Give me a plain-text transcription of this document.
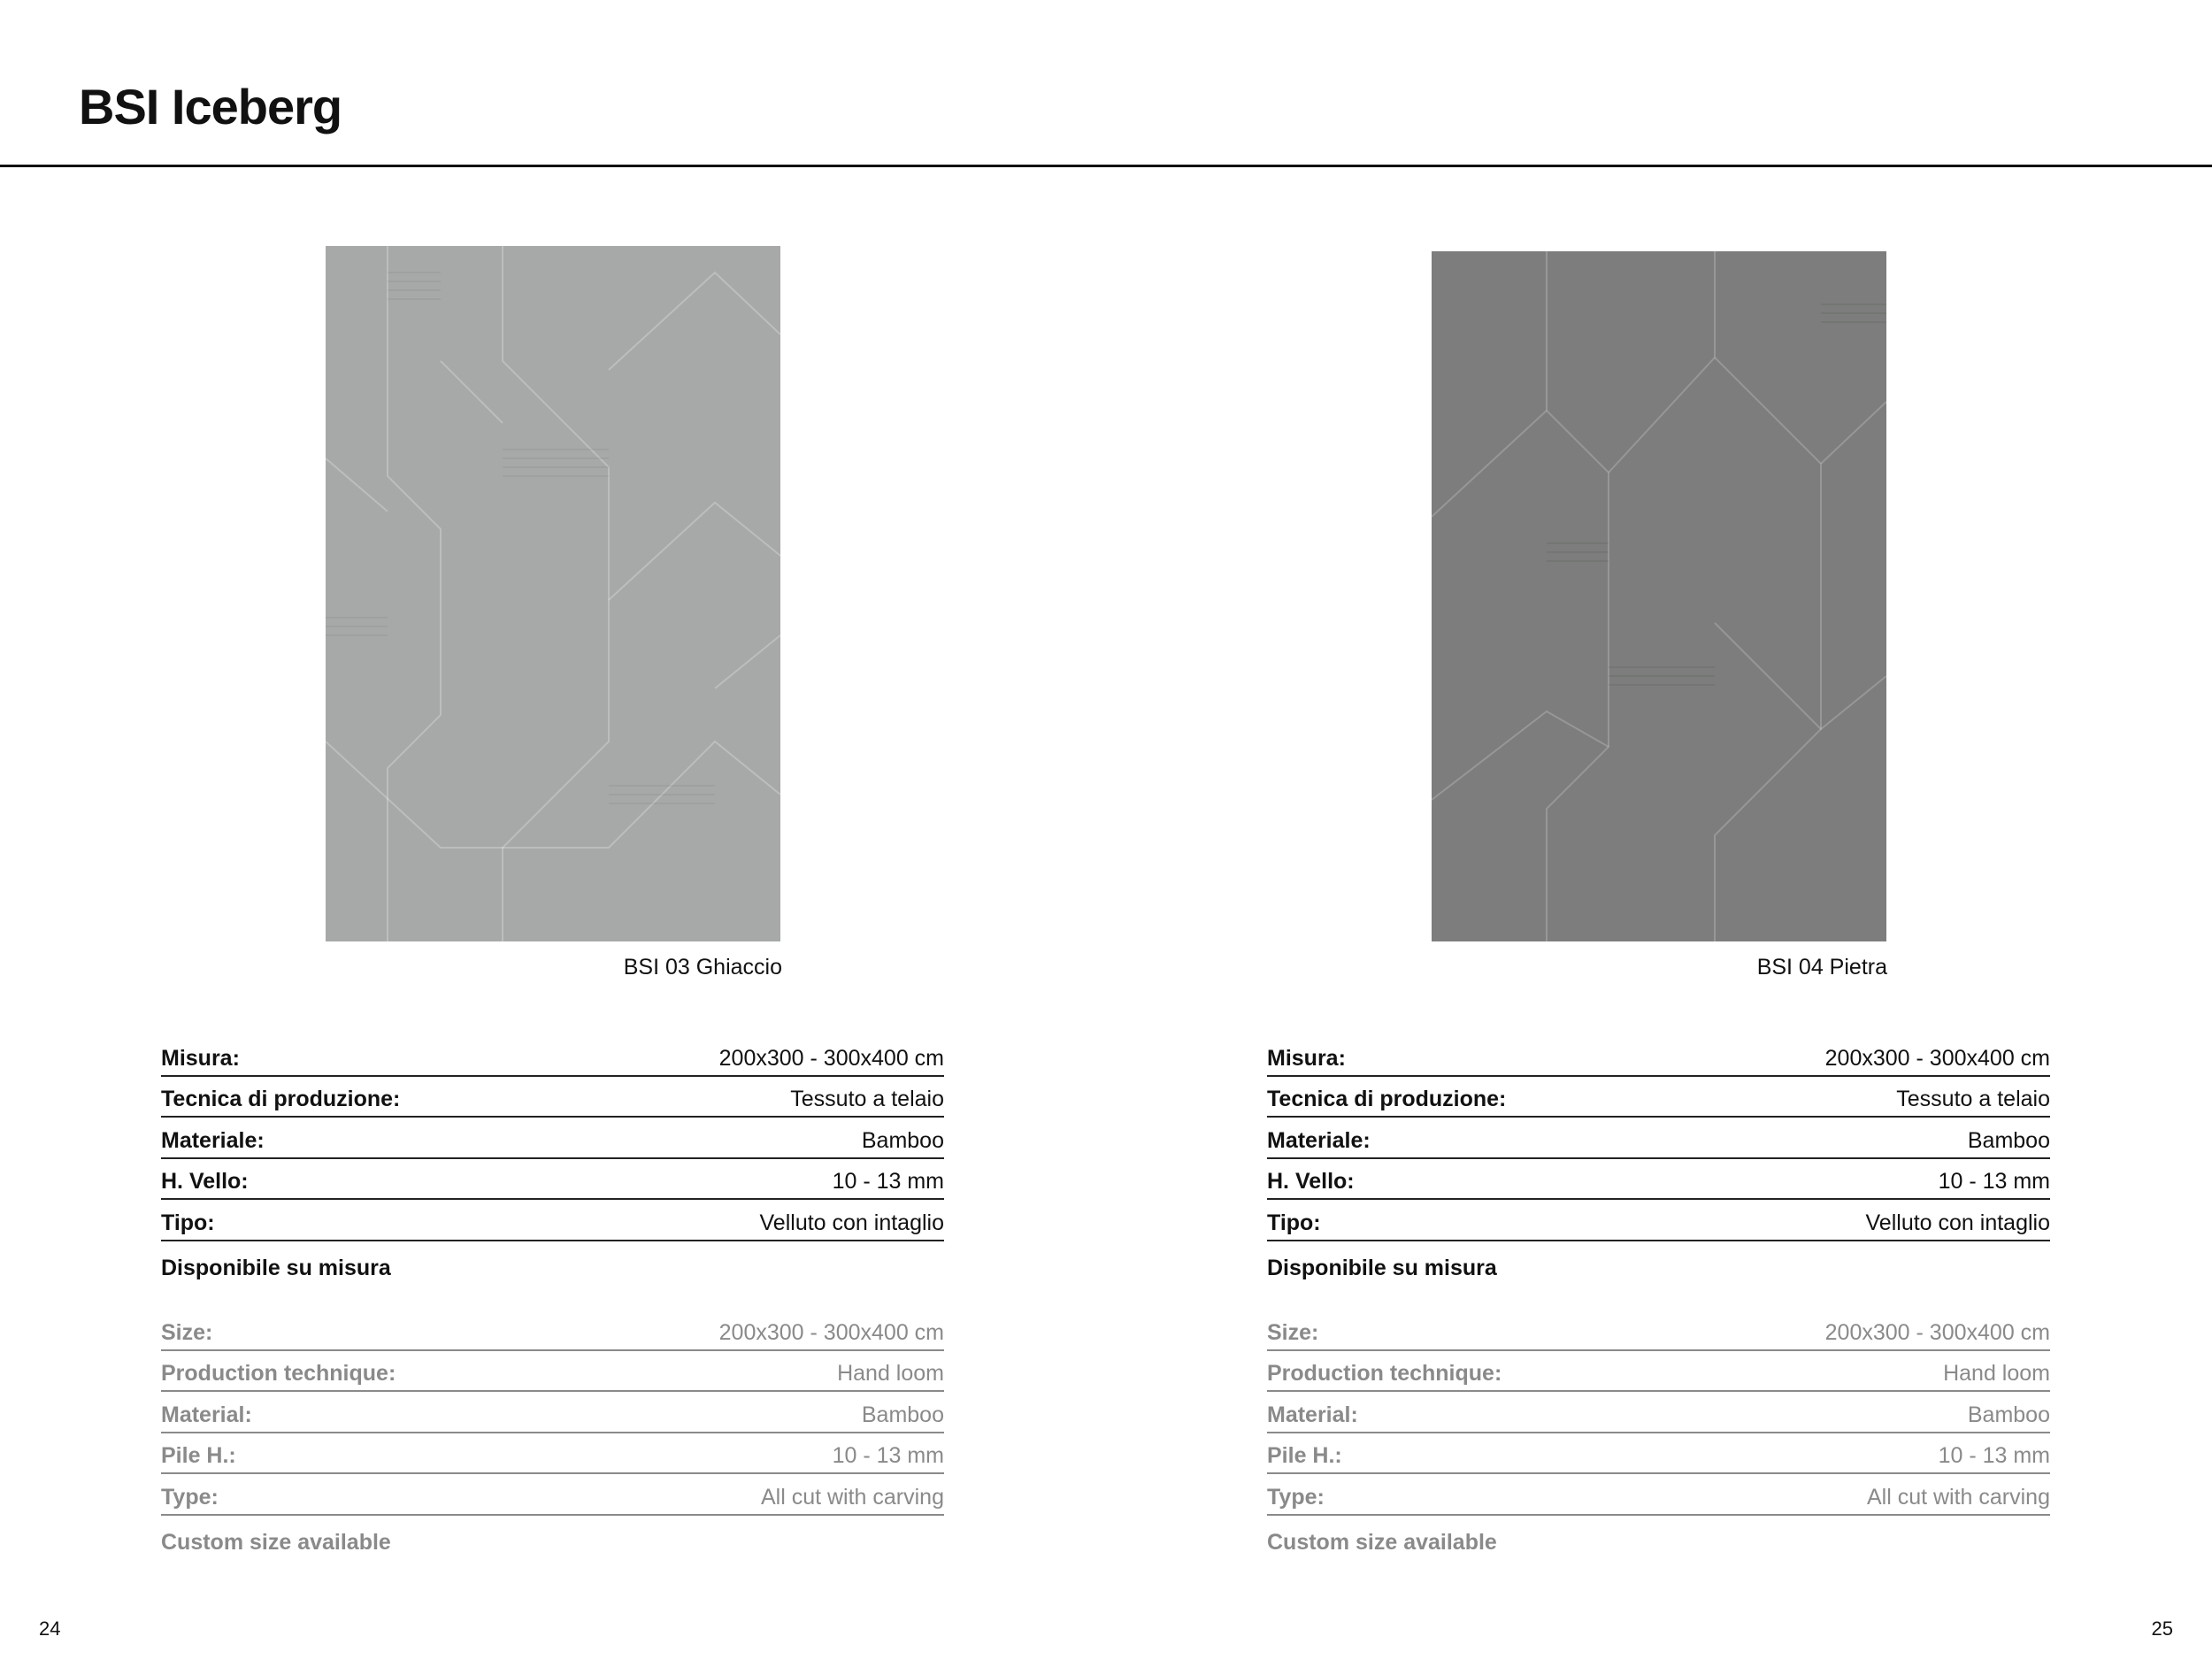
BSI Iceberg
BSI 03 Ghiaccio	BSI 04 Pietra
Misura:	200x300 - 300x400 cm
Tecnica di produzione:	Tessuto a telaio
Materiale:	Bamboo
H. Vello:	10 - 13 mm
Tipo:	Velluto con intaglio
Disponibile su misura
Size:	200x300 - 300x400 cm
Production technique:	Hand loom
Material:	Bamboo
Pile H.:	10 - 13 mm
Type:	All cut with carving
Custom size available
Misura:	200x300 - 300x400 cm
Tecnica di produzione:	Tessuto a telaio
Materiale:	Bamboo
H. Vello:	10 - 13 mm
Tipo:	Velluto con intaglio
Disponibile su misura
Size:	200x300 - 300x400 cm
Production technique:	Hand loom
Material:	Bamboo
Pile H.:	10 - 13 mm
Type:	All cut with carving
Custom size available
24	25
